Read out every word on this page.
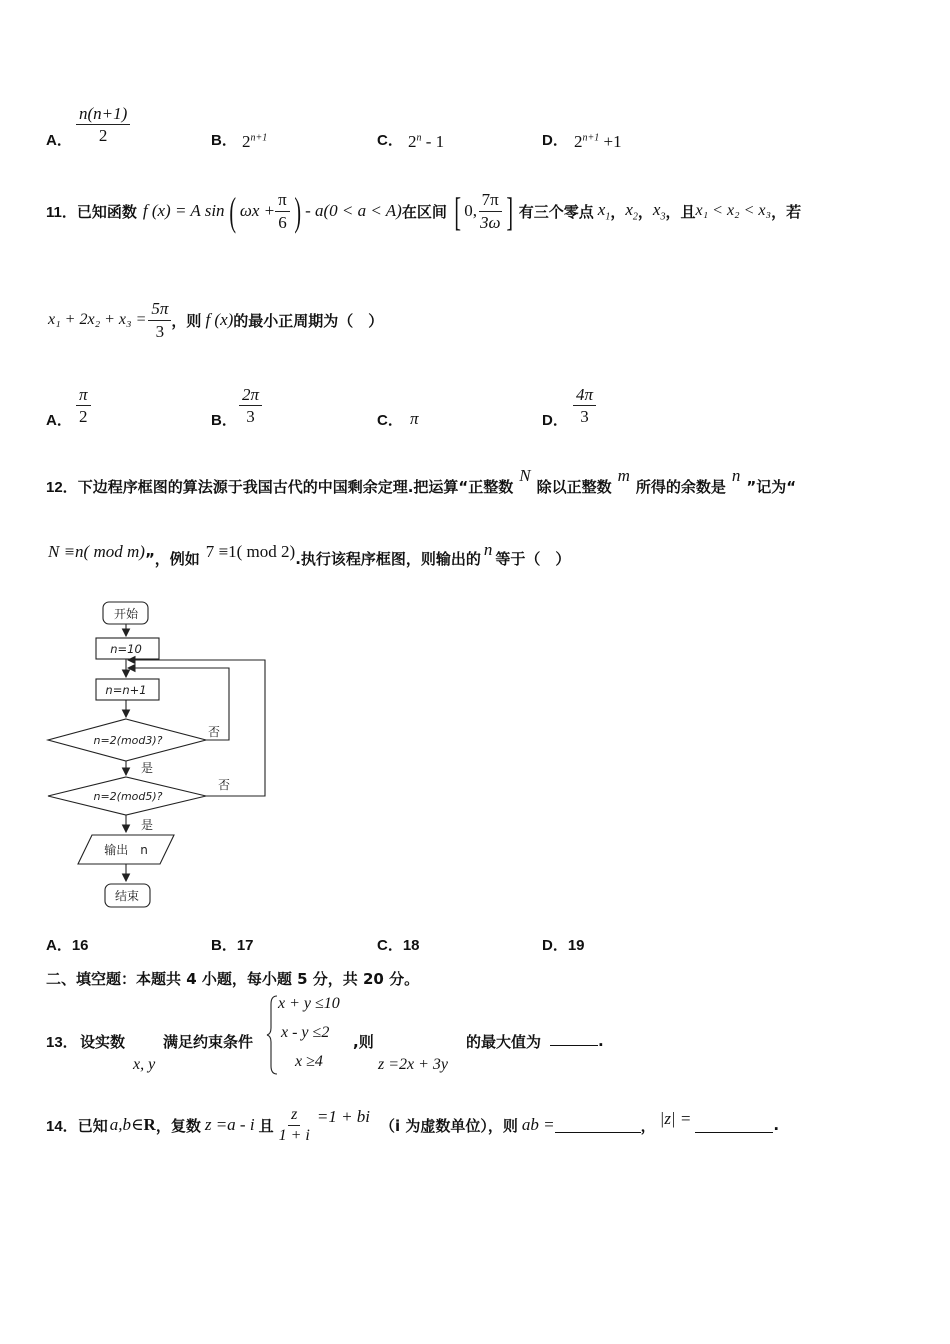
A． $\frac{n(n+1)}{2}$	B． $2^{n+1}$	C． 2$^n$ - 1	D． $2^{n+1} +1$
11． 已知函数 f (x) = A sin ( $\omega x + \frac{\pi}{6}$ ) - a(0 < a < A) 在区间 [ 0, $\frac{7\pi}{3\omega}$ ] 有三个零点 $x_1$ ， $x_2$ ， $x_3$ ，且 x₁ < x₂ < x₃ ，若
$x_1 + 2x_2 + x_3 = \frac{5\pi}{3}$ ，则 f (x) 的最小正周期为（　）
A． $\frac{\pi}{2}$	B． $\frac{2\pi}{3}$	C． π	D． $\frac{4\pi}{3}$
12． 下边程序框图的算法源于我国古代的中国剩余定理.把运算“正整数
N
除以正整数
m
所得的余数是
n
”记为“
N ≡n( mod m) ”，例如 7 ≡1( mod 2) .执行该程序框图，则输出的 n 等于（　）
开始
n=10
n=n+1
n=2(mod3)?
n=2(mod5)?
否
否
是
是
输出　n
结束
A．16	B．17	C．18	D．19
二、填空题：本题共 4 小题，每小题 5 分，共 20 分。
13． 设实数
x, y
满足约束条件
x + y ≤10
x - y ≤2
x ≥4
,则
z =2x + 3y
的最大值为	.
14． 已知 a,b∈ R ，复数 z =a - i 且 $\frac{z}{1 + i} =1$ + bi （i 为虚数单位），则 ab =	， |z| =	.
